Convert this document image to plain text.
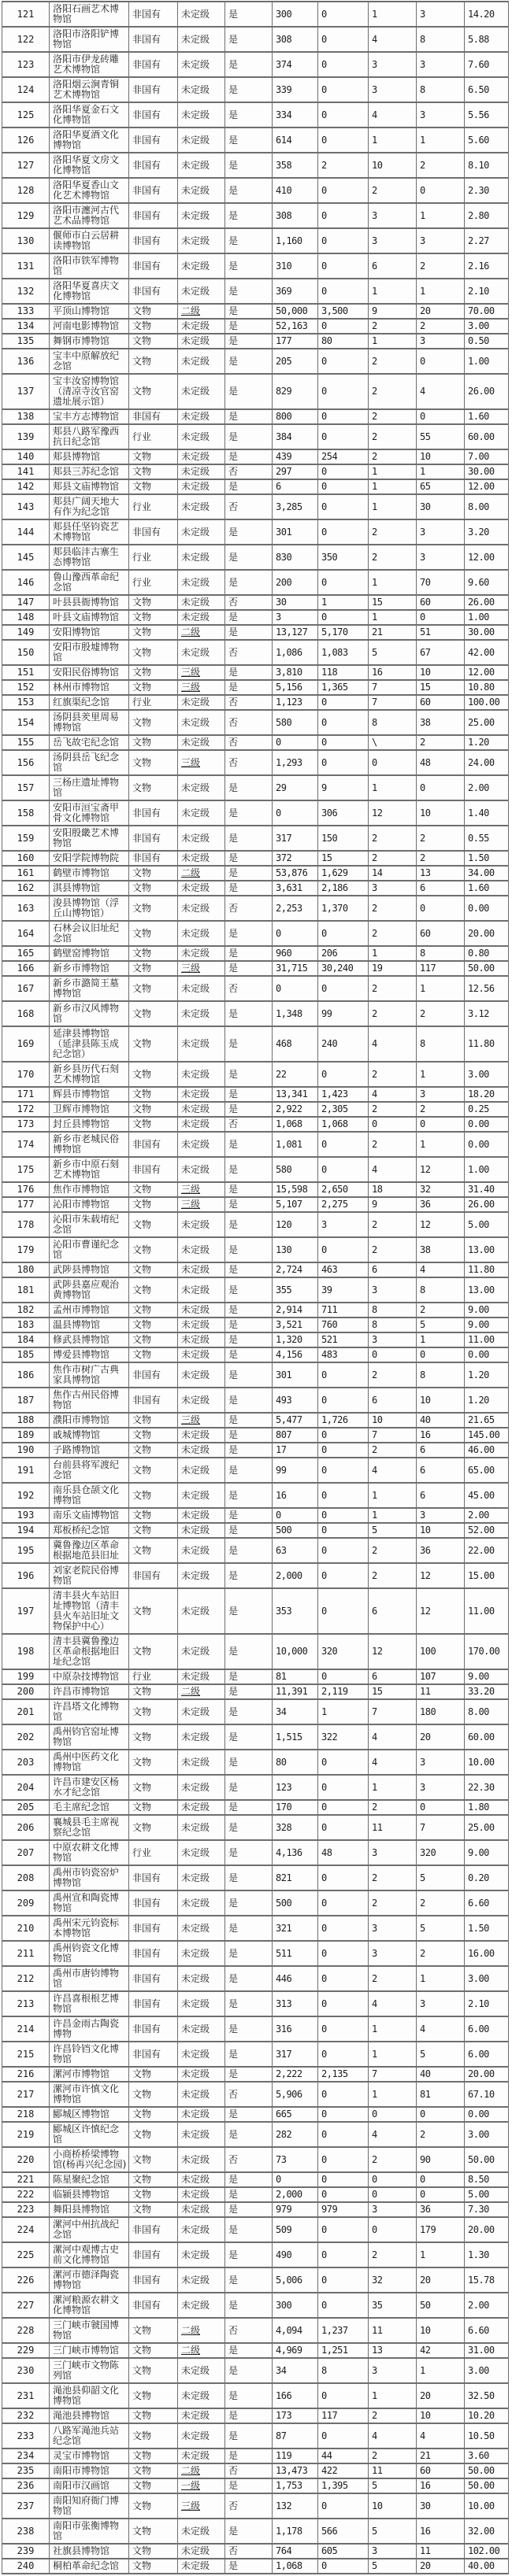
121	洛阳石画艺术博物馆	非国有	未定级	是	300	0	1	3	14.20
122	洛阳市洛阳铲博物馆	非国有	未定级	是	308	0	4	8	5.88
123	洛阳市伊龙砖雕艺术博物馆	非国有	未定级	是	374	0	3	3	7.60
124	洛阳烟云涧青铜艺术博物馆	非国有	未定级	是	339	0	3	8	6.50
125	洛阳华夏金石文化博物馆	非国有	未定级	是	334	0	4	3	5.56
126	洛阳华夏酒文化博物馆	非国有	未定级	是	614	0	1	1	5.60
127	洛阳华夏文房文化博物馆	非国有	未定级	是	358	2	10	2	8.10
128	洛阳华夏香山文化艺术博物馆	非国有	未定级	是	410	0	2	0	2.30
129	洛阳市瀍河古代艺术品博物馆	非国有	未定级	是	308	0	3	1	2.80
130	偃师市白云居耕读博物馆	非国有	未定级	是	1,160	0	3	3	2.27
131	洛阳市铁军博物馆	非国有	未定级	是	310	0	6	2	2.16
132	洛阳华夏喜庆文化博物馆	非国有	未定级	是	369	0	1	1	2.10
133	平顶山博物馆	文物	二级	是	50,000	3,500	9	20	70.00
134	河南电影博物馆	文物	未定级	是	52,163	0	2	2	3.00
135	舞钢市博物馆	文物	未定级	是	177	80	1	3	0.50
136	宝丰中原解放纪念馆	文物	未定级	是	205	0	2	0	1.00
137	宝丰汝窑博物馆（清凉寺汝官窑遗址展示馆）	文物	未定级	是	829	0	2	4	26.00
138	宝丰方志博物馆	非国有	未定级	是	800	0	2	0	1.60
139	郏县八路军豫西抗日纪念馆	行业	未定级	是	384	0	2	55	60.00
140	郏县博物馆	文物	未定级	是	439	254	2	10	7.00
141	郏县三苏纪念馆	文物	未定级	否	297	0	1	1	30.00
142	郏县文庙博物馆	文物	未定级	是	6	0	1	65	12.00
143	郏县广阔天地大有作为纪念馆	行业	未定级	否	3,285	0	1	30	8.00
144	郏县任坚钧瓷艺术博物馆	非国有	未定级	是	301	0	2	3	3.20
145	郏县临沣古寨生态博物馆	行业	未定级	是	830	350	2	3	12.00
146	鲁山豫西革命纪念馆	行业	未定级	是	200	0	1	70	9.60
147	叶县县衙博物馆	文物	未定级	否	30	1	15	60	26.00
148	叶县文庙博物馆	文物	未定级	是	3	0	1	0	1.00
149	安阳博物馆	文物	二级	是	13,127	5,170	21	51	30.00
150	安阳市殷墟博物馆	文物	未定级	否	1,086	1,083	5	67	42.00
151	安阳民俗博物馆	文物	三级	是	3,810	118	16	10	12.00
152	林州市博物馆	文物	三级	是	5,156	1,365	7	15	10.80
153	红旗渠纪念馆	行业	未定级	否	1,123	0	7	60	100.00
154	汤阴县羑里周易博物馆	文物	未定级	否	580	0	8	38	25.00
155	岳飞故宅纪念馆	文物	未定级	否	0	0	\	2	1.20
156	汤阴县岳飞纪念馆	文物	三级	否	1,293	0	0	48	24.00
157	三杨庄遗址博物馆	文物	未定级	是	29	9	1	0	2.00
158	安阳市洹宝斋甲骨文化博物馆	非国有	未定级	是	0	306	12	10	1.40
159	安阳殷畿艺术博物馆	非国有	未定级	是	317	150	2	2	0.55
160	安阳学院博物院	非国有	未定级	是	372	15	2	2	1.50
161	鹤壁市博物馆	文物	二级	是	53,876	1,629	14	13	34.00
162	淇县博物馆	文物	未定级	是	3,631	2,186	3	6	1.60
163	浚县博物馆（浮丘山博物馆）	文物	未定级	否	2,253	1,370	2	0	0.00
164	石林会议旧址纪念馆	文物	未定级	是	0	0	2	60	20.00
165	鹤壁窑博物馆	文物	未定级	是	960	206	1	8	0.80
166	新乡市博物馆	文物	三级	是	31,715	30,240	19	117	50.00
167	新乡市潞简王墓博物馆	文物	未定级	否	0	0	2	1	12.56
168	新乡市汉风博物馆	文物	未定级	是	1,348	99	2	2	3.12
169	延津县博物馆（延津县陈玉成纪念馆）	文物	未定级	是	468	240	4	8	11.80
170	新乡县历代石刻艺术博物馆	文物	未定级	是	22	0	2	1	3.00
171	辉县市博物馆	文物	未定级	是	13,341	1,423	4	3	18.20
172	卫辉市博物馆	文物	未定级	是	2,922	2,305	2	2	0.25
173	封丘县博物馆	文物	未定级	否	1,068	1,068	0	0	0.00
174	新乡市老城民俗博物馆	非国有	未定级	是	1,081	0	2	1	0.00
175	新乡市中原石刻艺术博物馆	非国有	未定级	是	580	0	4	12	1.00
176	焦作市博物馆	文物	三级	是	15,598	2,650	18	32	31.40
177	沁阳市博物馆	文物	三级	是	5,107	2,275	9	36	26.00
178	沁阳市朱载堉纪念馆	文物	未定级	是	120	3	2	12	5.00
179	沁阳市曹谨纪念馆	文物	未定级	是	130	0	2	38	13.00
180	武陟县博物馆	文物	未定级	是	2,724	463	6	4	11.80
181	武陟县嘉应观治黄博物馆	文物	未定级	是	355	39	3	8	13.00
182	孟州市博物馆	文物	未定级	是	2,914	711	8	2	9.00
183	温县博物馆	文物	未定级	是	3,521	760	8	5	9.00
184	修武县博物馆	文物	未定级	是	1,320	521	3	1	11.00
185	博爱县博物馆	文物	未定级	是	4,156	483	0	0	0.00
186	焦作市树广古典家具博物馆	非国有	未定级	是	301	0	2	8	1.20
187	焦作古州民俗博物馆	非国有	未定级	是	493	0	6	10	1.20
188	濮阳市博物馆	文物	三级	是	5,477	1,726	10	40	21.65
189	戚城博物馆	文物	未定级	是	807	0	7	16	145.00
190	子路博物馆	文物	未定级	是	17	0	2	6	46.00
191	台前县将军渡纪念馆	文物	未定级	是	99	0	4	6	65.00
192	南乐县仓颉文化博物馆	文物	未定级	是	16	0	1	6	45.00
193	南乐文庙博物馆	文物	未定级	是	0	0	1	3	2.00
194	郑板桥纪念馆	文物	未定级	是	500	0	5	10	52.00
195	冀鲁豫边区革命根据地范县旧址	文物	未定级	是	63	0	2	36	22.00
196	刘家老院民俗博物馆	非国有	未定级	是	2,000	0	2	12	15.00
197	清丰县火车站旧址博物馆（清丰县火车站旧址文物保护中心）	文物	未定级	是	353	0	6	12	11.00
198	清丰县冀鲁豫边区革命根据地旧址纪念馆	文物	未定级	是	10,000	320	12	100	170.00
199	中原杂技博物馆	行业	未定级	是	81	0	6	107	9.00
200	许昌市博物馆	文物	二级	是	11,391	2,119	15	11	33.20
201	许昌塔文化博物馆	文物	未定级	是	34	1	7	180	8.00
202	禹州钧官窑址博物馆	文物	未定级	是	1,515	322	4	20	60.00
203	禹州中医药文化博物馆	文物	未定级	是	80	0	4	3	10.00
204	许昌市建安区杨水才纪念馆	文物	未定级	是	123	0	1	3	22.30
205	毛主席纪念馆	文物	未定级	是	170	0	2	0	1.80
206	襄城县毛主席视察纪念馆	文物	未定级	是	328	0	11	7	25.00
207	中原农耕文化博物馆	行业	未定级	是	4,136	48	3	320	9.00
208	禹州市钧瓷窑炉博物馆	非国有	未定级	是	821	0	2	5	0.20
209	禹州宣和陶瓷博物馆	非国有	未定级	是	500	0	2	2	6.60
210	禹州宋元钧瓷标本博物馆	非国有	未定级	是	321	0	3	5	1.50
211	禹州钧瓷文化博物馆	非国有	未定级	是	511	0	3	2	16.00
212	禹州市唐钧博物馆	非国有	未定级	是	446	0	2	1	3.00
213	许昌喜根根艺博物馆	非国有	未定级	是	313	0	4	3	2.10
214	许昌金雨古陶瓷博物	非国有	未定级	是	316	0	1	4	6.00
215	许昌铃铛文化博物馆	非国有	未定级	是	317	0	1	5	6.00
216	漯河市博物馆	文物	未定级	是	2,222	2,135	7	40	20.00
217	漯河市许慎文化博物馆	文物	未定级	否	5,906	0	1	81	67.10
218	郾城区博物馆	文物	未定级	是	665	0	0	0	0.00
219	郾城区许慎纪念馆	文物	未定级	是	282	0	4	2	3.00
220	小商桥桥梁博物馆(杨再兴纪念园)	文物	未定级	否	73	0	2	90	50.00
221	陈星聚纪念馆	文物	未定级	是	0	0	0	0	8.50
222	临颍县博物馆	文物	未定级	是	2,000	0	0	0	5.00
223	舞阳县博物馆	文物	未定级	是	979	979	3	36	7.30
224	漯河中州抗战纪念馆	非国有	未定级	是	509	0	0	179	20.00
225	漯河中观博古史前文化博物馆	非国有	未定级	是	490	0	2	1	1.30
226	漯河市德泽陶瓷博物馆	非国有	未定级	是	5,006	0	32	20	15.78
227	漯河粮源农耕文化博物馆	非国有	未定级	是	300	0	35	50	2.00
228	三门峡市虢国博物馆	文物	二级	否	4,094	1,237	11	10	6.60
229	三门峡市博物馆	文物	二级	是	4,969	1,251	13	42	31.00
230	三门峡市文物陈列馆	文物	未定级	是	34	8	3	1	3.00
231	渑池县仰韶文化博物馆	文物	未定级	是	166	0	1	20	32.50
232	渑池县博物馆	文物	未定级	是	173	117	2	10	10.20
233	八路军渑池兵站纪念馆	文物	未定级	是	87	0	4	4	10.50
234	灵宝市博物馆	文物	未定级	是	119	44	2	21	3.60
235	南阳市博物馆	文物	二级	否	13,473	422	11	60	50.00
236	南阳市汉画馆	文物	一级	是	1,753	1,395	5	16	50.00
237	南阳知府衙门博物馆	文物	三级	否	132	0	10	30	10.00
238	南阳市张衡博物馆	文物	未定级	是	1,178	566	5	16	32.00
239	社旗县博物馆	文物	未定级	否	764	605	3	11	102.00
240	桐柏革命纪念馆	文物	未定级	是	1,068	0	5	20	40.00
